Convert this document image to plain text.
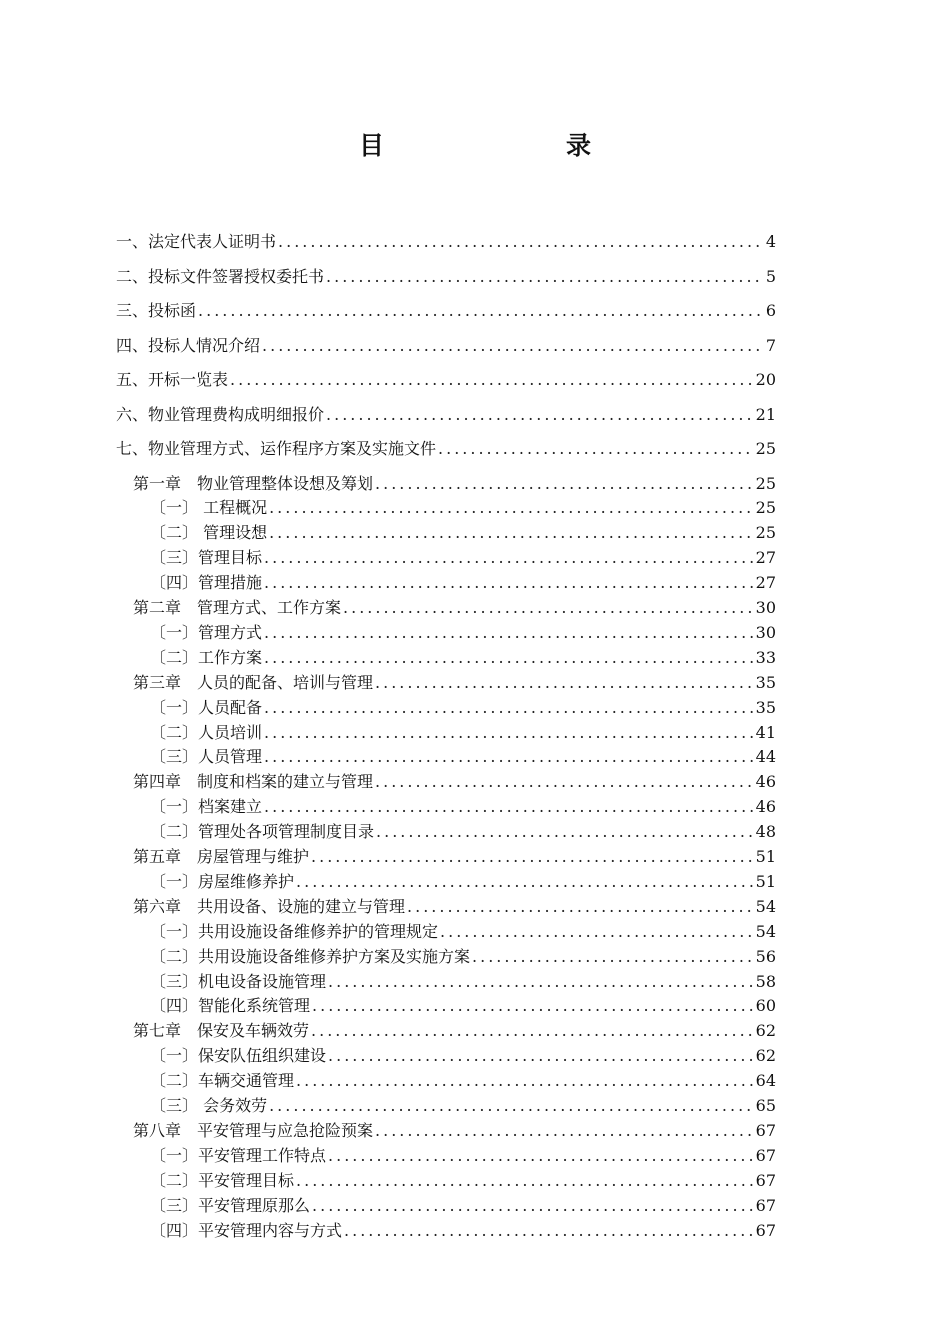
目　　录
一、法定代表人证明书 .....	4
二、投标文件签署授权委托书 .....	5
三、投标函 .....	6
四、投标人情况介绍 .....	7
五、开标一览表 .....	20
六、物业管理费构成明细报价 .....	21
七、物业管理方式、运作程序方案及实施文件 .....	25
第一章　物业管理整体设想及筹划 .....	25
〔一〕 工程概况 .....	25
〔二〕 管理设想 .....	25
〔三〕管理目标 .....	27
〔四〕管理措施 .....	27
第二章　管理方式、工作方案 .....	30
〔一〕管理方式 .....	30
〔二〕工作方案 .....	33
第三章　人员的配备、培训与管理 .....	35
〔一〕人员配备 .....	35
〔二〕人员培训 .....	41
〔三〕人员管理 .....	44
第四章　制度和档案的建立与管理 .....	46
〔一〕档案建立 .....	46
〔二〕管理处各项管理制度目录 .....	48
第五章　房屋管理与维护 .....	51
〔一〕房屋维修养护 .....	51
第六章　共用设备、设施的建立与管理 .....	54
〔一〕共用设施设备维修养护的管理规定 .....	54
〔二〕共用设施设备维修养护方案及实施方案 .....	56
〔三〕机电设备设施管理 .....	58
〔四〕智能化系统管理 .....	60
第七章　保安及车辆效劳 .....	62
〔一〕保安队伍组织建设 .....	62
〔二〕车辆交通管理 .....	64
〔三〕 会务效劳 .....	65
第八章　平安管理与应急抢险预案 .....	67
〔一〕平安管理工作特点 .....	67
〔二〕平安管理目标 .....	67
〔三〕平安管理原那么 .....	67
〔四〕平安管理内容与方式 .....	67
